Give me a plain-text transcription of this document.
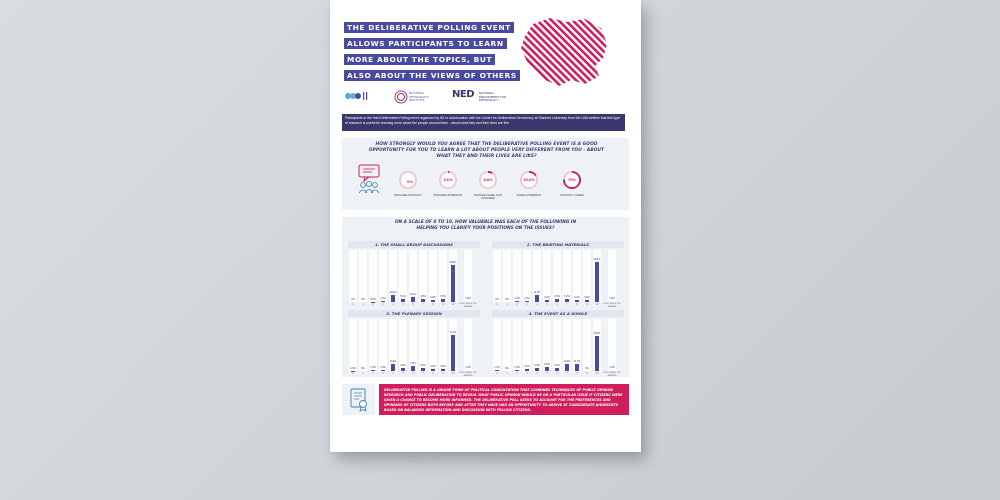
THE DELIBERATIVE POLLING EVENT
ALLOWS PARTICIPANTS TO LEARN
MORE ABOUT THE TOPICS, BUT
ALSO ABOUT THE VIEWS OF OTHERS
NATIONAL DEMOCRATIC INSTITUTE	NED NATIONAL ENDOWMENT FOR DEMOCRACY
Participants in the third Deliberative Polling event organized by IDI in collaboration with the Center for Deliberative Democracy at Stanford University from the USA believe that this type of research is useful for learning more about the people around them - about what they and their lives are like.
HOW STRONGLY WOULD YOU AGREE THAT THE DELIBERATIVE POLLING EVENT IS A GOOD OPPORTUNITY FOR YOU TO LEARN A LOT ABOUT PEOPLE VERY DIFFERENT FROM YOU - ABOUT WHAT THEY AND THEIR LIVES ARE LIKE?
0%
DISAGREE STRONGLY
2,6%
DISAGREE SOMEWHAT
8,8%
NEITHER AGREE NOR DISAGREE
15,6%
AGREE SOMEWHAT
76%
STRONGLY AGREE
ON A SCALE OF 0 TO 10, HOW VALUABLE WAS EACH OF THE FOLLOWING IN HELPING YOU CLARIFY YOUR POSITIONS ON THE ISSUES?
1. THE SMALL GROUP DISCUSSIONS
0%
0
0%
1
0,6%
2
1,9%
3
10,4%
4
5,1%
5
8,1%
6
4,5%
7
3,9%
8
5,5%
9
58,8%
10
1,9%
DON'T KNOW / NO ANSWER
2. THE BRIEFING MATERIALS
0%
0
0%
1
1,3%
2
1,9%
3
11,7%
4
3,2%
5
4,5%
6
5,2%
7
3,2%
8
3,9%
9
63,3%
10
1,9%
DON'T KNOW / NO ANSWER
3. THE PLENARY SESSION
0,6%
0
0%
1
1,3%
2
1,9%
3
10,4%
4
4,5%
5
7,8%
6
5,2%
7
3,9%
8
3,9%
9
57,1%
10
1,3%
DON'T KNOW / NO ANSWER
4. THE EVENT AS A WHOLE
1,3%
0
0%
1
1,3%
2
2,6%
3
4,5%
4
6,5%
5
5,2%
6
10,4%
7
11,7%
8
0%
9
56,5%
10
1,3%
DON'T KNOW / NO ANSWER
DELIBERATIVE POLLING IS A UNIQUE FORM OF POLITICAL CONSULTATION THAT COMBINES TECHNIQUES OF PUBLIC OPINION RESEARCH AND PUBLIC DELIBERATION TO REVEAL WHAT PUBLIC OPINION WOULD BE ON A PARTICULAR ISSUE IF CITIZENS WERE GIVEN A CHANCE TO BECOME MORE INFORMED. THE DELIBERATIVE POLL SEEKS TO ACCOUNT FOR THE PREFERENCES AND OPINIONS OF CITIZENS BOTH BEFORE AND AFTER THEY HAVE HAD AN OPPORTUNITY TO ARRIVE AT CONSIDERATE JUDGMENTS BASED ON BALANCED INFORMATION AND DISCUSSION WITH FELLOW CITIZENS.
